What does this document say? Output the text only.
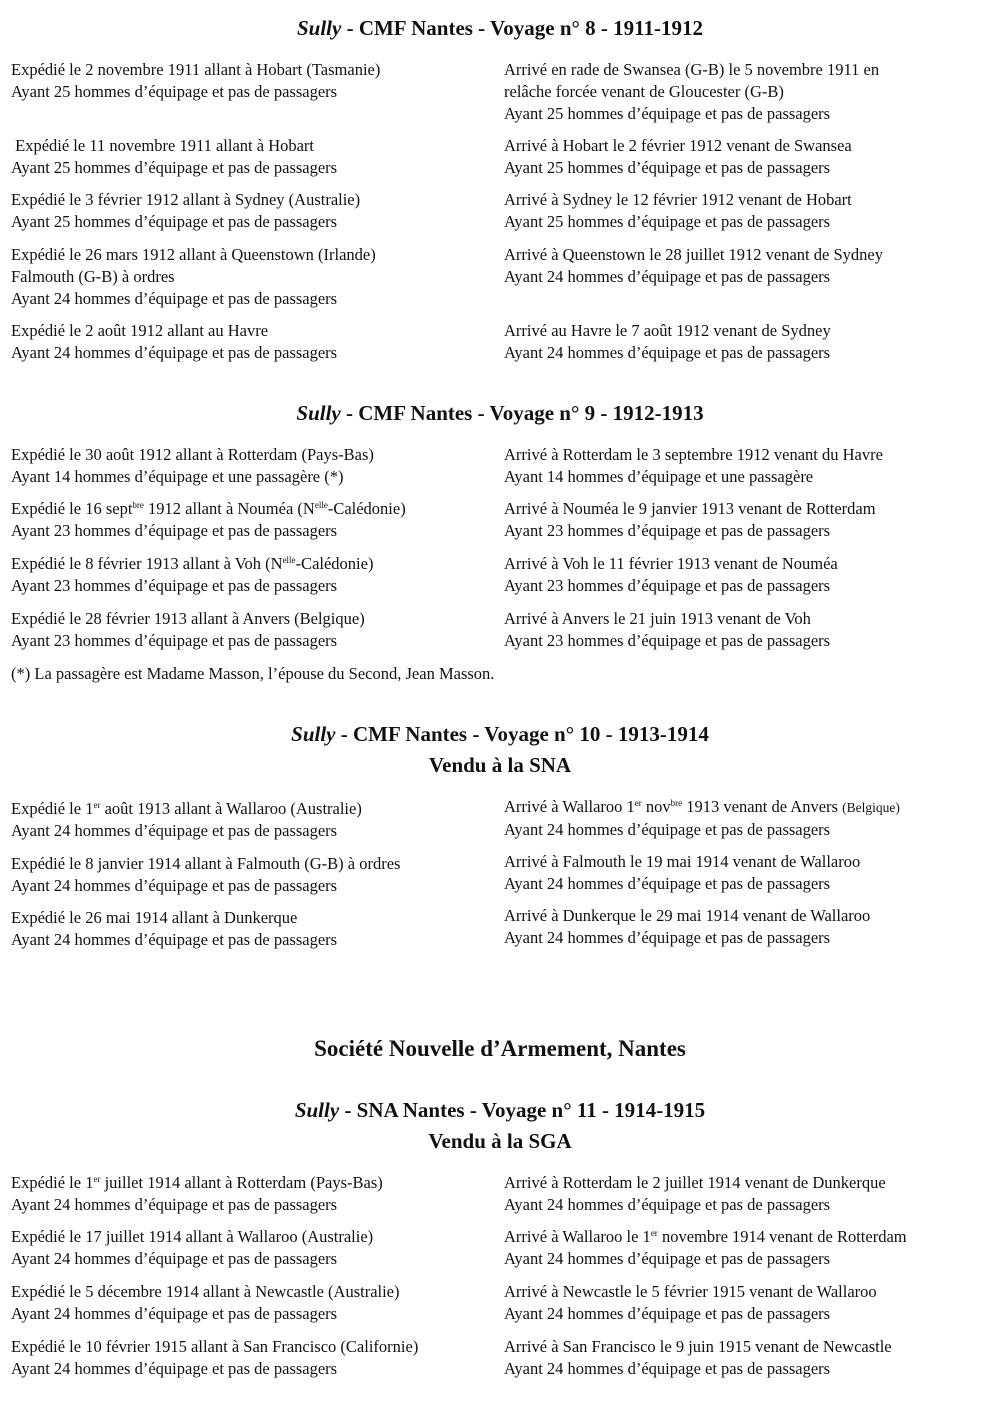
Sully - CMF Nantes - Voyage n° 8 - 1911-1912
Expédié le 2 novembre 1911 allant à Hobart (Tasmanie)
Ayant 25 hommes d’équipage et pas de passagers
Arrivé en rade de Swansea (G-B) le 5 novembre 1911 en
relâche forcée venant de Gloucester (G-B)
Ayant 25 hommes d’équipage et pas de passagers
Expédié le 11 novembre 1911 allant à Hobart
Ayant 25 hommes d’équipage et pas de passagers
Arrivé à Hobart le 2 février 1912 venant de Swansea
Ayant 25 hommes d’équipage et pas de passagers
Expédié le 3 février 1912 allant à Sydney (Australie)
Ayant 25 hommes d’équipage et pas de passagers
Arrivé à Sydney le 12 février 1912 venant de Hobart
Ayant 25 hommes d’équipage et pas de passagers
Expédié le 26 mars 1912 allant à Queenstown (Irlande)
Falmouth (G-B) à ordres
Ayant 24 hommes d’équipage et pas de passagers
Arrivé à Queenstown le 28 juillet 1912 venant de Sydney
Ayant 24 hommes d’équipage et pas de passagers
Expédié le 2 août 1912 allant au Havre
Ayant 24 hommes d’équipage et pas de passagers
Arrivé au Havre le 7 août 1912 venant de Sydney
Ayant 24 hommes d’équipage et pas de passagers
Sully - CMF Nantes - Voyage n° 9 - 1912-1913
Expédié le 30 août 1912 allant à Rotterdam (Pays-Bas)
Ayant 14 hommes d’équipage et une passagère (*)
Arrivé à Rotterdam le 3 septembre 1912 venant du Havre
Ayant 14 hommes d’équipage et une passagère
Expédié le 16 sept$^{bre}$ 1912 allant à Nouméa $(N^{elle}-Calédonie)$
Ayant 23 hommes d’équipage et pas de passagers
Arrivé à Nouméa le 9 janvier 1913 venant de Rotterdam
Ayant 23 hommes d’équipage et pas de passagers
Expédié le 8 février 1913 allant à Voh $(N^{elle}-Calédonie)$
Ayant 23 hommes d’équipage et pas de passagers
Arrivé à Voh le 11 février 1913 venant de Nouméa
Ayant 23 hommes d’équipage et pas de passagers
Expédié le 28 février 1913 allant à Anvers (Belgique)
Ayant 23 hommes d’équipage et pas de passagers
Arrivé à Anvers le 21 juin 1913 venant de Voh
Ayant 23 hommes d’équipage et pas de passagers
(*) La passagère est Madame Masson, l’épouse du Second, Jean Masson.
Sully - CMF Nantes - Voyage n° 10 - 1913-1914
Vendu à la SNA
Expédié le 1er août 1913 allant à Wallaroo (Australie)
Ayant 24 hommes d’équipage et pas de passagers
Arrivé à Wallaroo 1er nov$^{bre}$ 1913 venant de Anvers (Belgique)
Ayant 24 hommes d’équipage et pas de passagers
Expédié le 8 janvier 1914 allant à Falmouth (G-B) à ordres
Ayant 24 hommes d’équipage et pas de passagers
Arrivé à Falmouth le 19 mai 1914 venant de Wallaroo
Ayant 24 hommes d’équipage et pas de passagers
Expédié le 26 mai 1914 allant à Dunkerque
Ayant 24 hommes d’équipage et pas de passagers
Arrivé à Dunkerque le 29 mai 1914 venant de Wallaroo
Ayant 24 hommes d’équipage et pas de passagers
Société Nouvelle d’Armement, Nantes
Sully - SNA Nantes - Voyage n° 11 - 1914-1915
Vendu à la SGA
Expédié le 1er juillet 1914 allant à Rotterdam (Pays-Bas)
Ayant 24 hommes d’équipage et pas de passagers
Arrivé à Rotterdam le 2 juillet 1914 venant de Dunkerque
Ayant 24 hommes d’équipage et pas de passagers
Expédié le 17 juillet 1914 allant à Wallaroo (Australie)
Ayant 24 hommes d’équipage et pas de passagers
Arrivé à Wallaroo le 1er novembre 1914 venant de Rotterdam
Ayant 24 hommes d’équipage et pas de passagers
Expédié le 5 décembre 1914 allant à Newcastle (Australie)
Ayant 24 hommes d’équipage et pas de passagers
Arrivé à Newcastle le 5 février 1915 venant de Wallaroo
Ayant 24 hommes d’équipage et pas de passagers
Expédié le 10 février 1915 allant à San Francisco (Californie)
Ayant 24 hommes d’équipage et pas de passagers
Arrivé à San Francisco le 9 juin 1915 venant de Newcastle
Ayant 24 hommes d’équipage et pas de passagers
